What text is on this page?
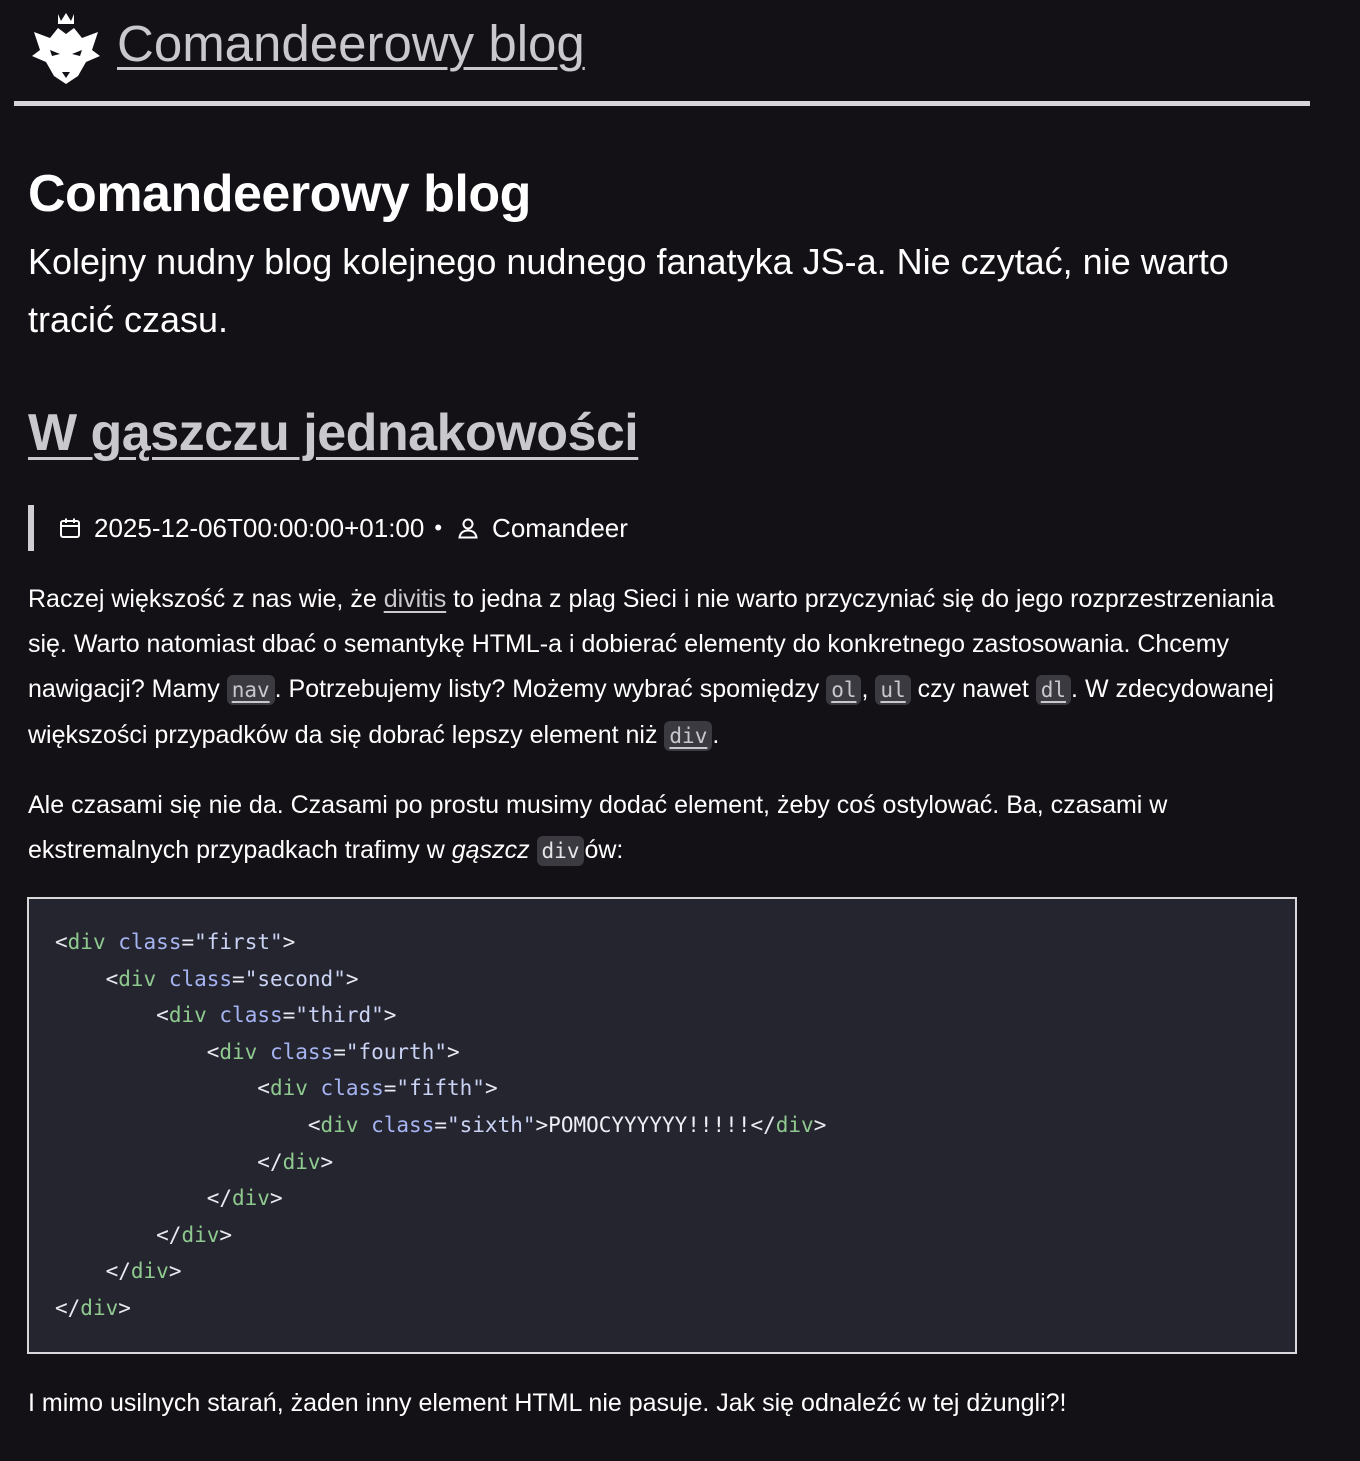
Comandeerowy blog
Comandeerowy blog

Kolejny nudny blog kolejnego nudnego fanatyka JS-a. Nie czytać, nie warto tracić czasu.

W gąszczu jednakowości
2025-12-06T00:00:00+01:00 • Comandeer

Raczej większość z nas wie, że divitis to jedna z plag Sieci i nie warto przyczyniać się do jego rozprzestrzeniania się. Warto natomiast dbać o semantykę HTML-a i dobierać elementy do konkretnego zastosowania. Chcemy nawigacji? Mamy nav . Potrzebujemy listy? Możemy wybrać spomiędzy ol , ul czy nawet dl . W zdecydowanej większości przypadków da się dobrać lepszy element niż div .

Ale czasami się nie da. Czasami po prostu musimy dodać element, żeby coś ostylować. Ba, czasami w ekstremalnych przypadkach trafimy w gąszcz div ów:

<div class="first">
<div class="second">
<div class="third">
<div class="fourth">
<div class="fifth">
<div class="sixth">POMOCYYYYYY!!!!!</div>
</div>
</div>
</div>
</div>
</div>

I mimo usilnych starań, żaden inny element HTML nie pasuje. Jak się odnaleźć w tej dżungli?!
